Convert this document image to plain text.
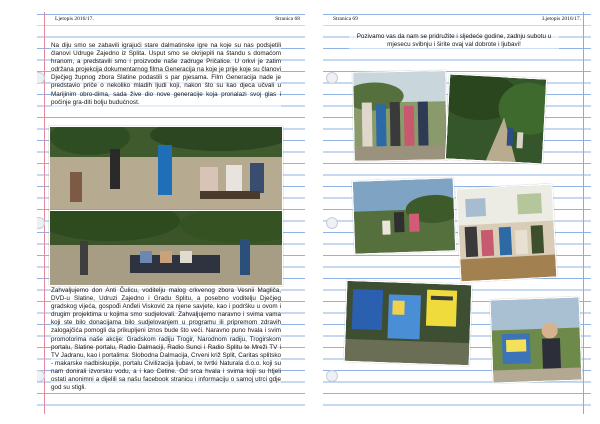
Ljetopis 2016/17.	Stranica 68

Na diju smo se zabavili igrajući stare dalmatinske igre na koje su nas podsjetili članovi Udruge Zajedno iz Splita. Usput smo se okrijepili na štandu s domaćom hranom, a predstavili smo i proizvode naše zadruge Pričalice. U orkvi je zatim održana projekcija dokumentarnog filma Generacija na koje je prije koje su članovi Dječjeg župnog zbora Slatine podastili s par pjesama. Film Generacija nade je predstavio priče o nekoliko mladih ljudi koji, nakon što su kao djeca učvali u Marijinim obro-dima, sada žive dio nove generacije koja pronalazi svoj glas i počinje gra-diti bolju budućnost.

Zahvaljujemo don Anti Čulicu, voditelju malog crkvenog zbora Vesnii Magliča, DVD-u Slatine, Udruzi Zajedno i Gradu Splitu, a posebno voditelju Dječjeg gradskog vijeća, gospođi Anđeli Visković za njene savjete, kao i podršku u ovom i drugim projektima u kojima smo sudjelovali. Zahvaljujemo naravno i svima vama koji ste bilo donacijama bilo sudjelovanjem u programu ili pripremom zdravih zalogajčića pomogli da prikupljeni iznos bude što veći. Naravno puno hvala i svim promotorima naše akcije: Gradskom radiju Trogir, Narodnom radiju, Trogirskom portalu, Slatine portalu, Radio Dalmaciji, Radio Sunci i Radio Splitu te Mreži TV i TV Jadranu, kao i portalima: Slobodna Dalmacija, Crveni križ Split, Caritas splitsko - makarske nadbiskupije, portalu Civilizacija ljubavi, te tvrtki Naturala d.o.o. koji su nam donirali izvorsku vodu, a i kao Cetine. Od srca hvala i svima koji su htjeli ostati anonimni a dijelili sa našu facebook stranicu i informaciju o samoj utrci gdje god su stigli.

Stranica 69	Ljetopis 2016/17.

Pozivamo vas da nam se pridružite i sljedeće godine, zadnju subotu u mjesecu svibnju i širite ovaj val dobrote i ljubavi!
